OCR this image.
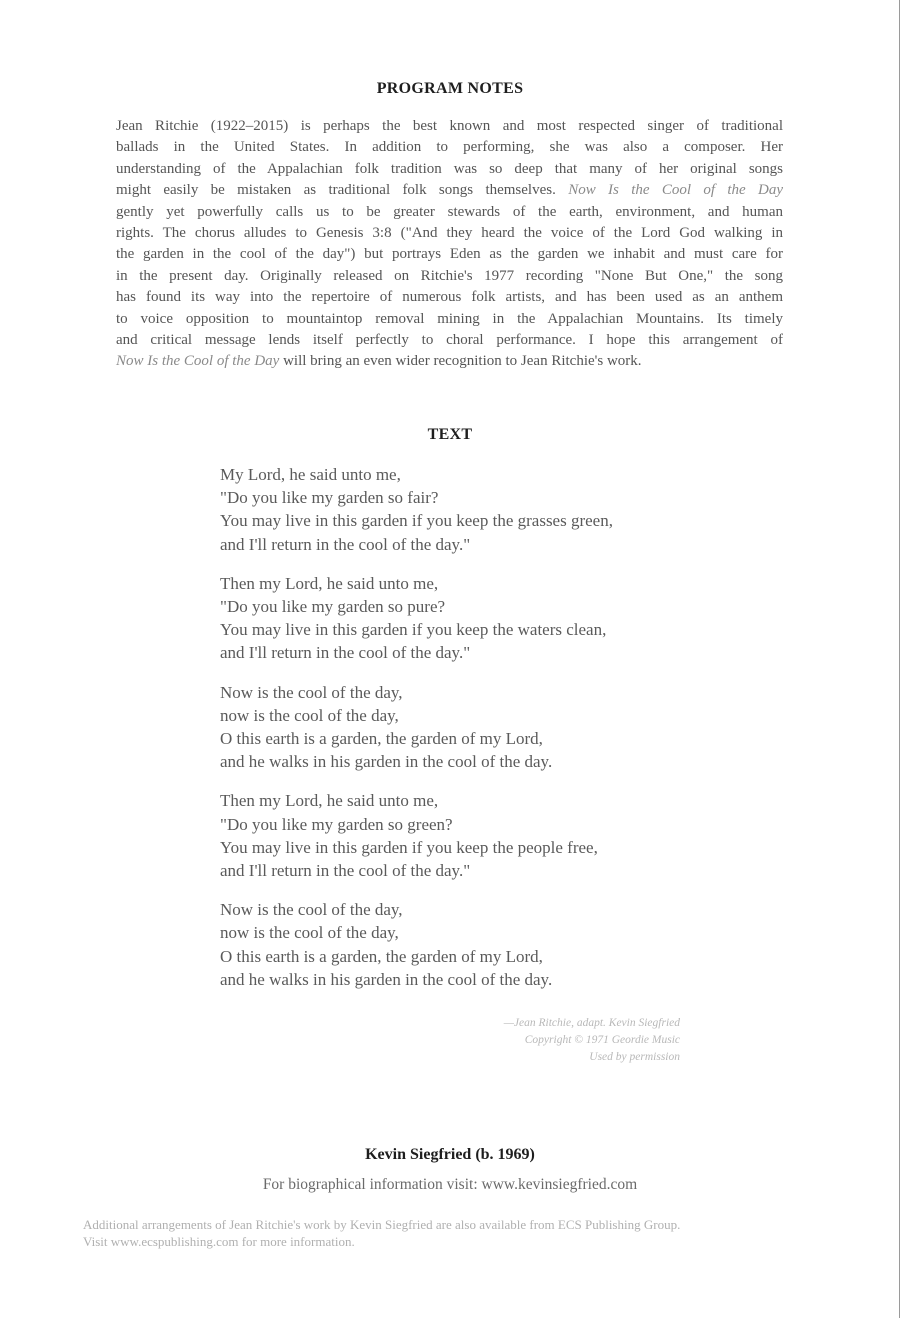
PROGRAM NOTES
Jean Ritchie (1922–2015) is perhaps the best known and most respected singer of traditional
ballads in the United States. In addition to performing, she was also a composer. Her
understanding of the Appalachian folk tradition was so deep that many of her original songs
might easily be mistaken as traditional folk songs themselves. Now Is the Cool of the Day
gently yet powerfully calls us to be greater stewards of the earth, environment, and human
rights. The chorus alludes to Genesis 3:8 ("And they heard the voice of the Lord God walking in
the garden in the cool of the day") but portrays Eden as the garden we inhabit and must care for
in the present day. Originally released on Ritchie's 1977 recording "None But One," the song
has found its way into the repertoire of numerous folk artists, and has been used as an anthem
to voice opposition to mountaintop removal mining in the Appalachian Mountains. Its timely
and critical message lends itself perfectly to choral performance. I hope this arrangement of
Now Is the Cool of the Day will bring an even wider recognition to Jean Ritchie's work.
TEXT
My Lord, he said unto me,
"Do you like my garden so fair?
You may live in this garden if you keep the grasses green,
and I'll return in the cool of the day."
Then my Lord, he said unto me,
"Do you like my garden so pure?
You may live in this garden if you keep the waters clean,
and I'll return in the cool of the day."
Now is the cool of the day,
now is the cool of the day,
O this earth is a garden, the garden of my Lord,
and he walks in his garden in the cool of the day.
Then my Lord, he said unto me,
"Do you like my garden so green?
You may live in this garden if you keep the people free,
and I'll return in the cool of the day."
Now is the cool of the day,
now is the cool of the day,
O this earth is a garden, the garden of my Lord,
and he walks in his garden in the cool of the day.
—Jean Ritchie, adapt. Kevin Siegfried
Copyright © 1971 Geordie Music
Used by permission
Kevin Siegfried (b. 1969)
For biographical information visit: www.kevinsiegfried.com
Additional arrangements of Jean Ritchie's work by Kevin Siegfried are also available from ECS Publishing Group.
Visit www.ecspublishing.com for more information.
